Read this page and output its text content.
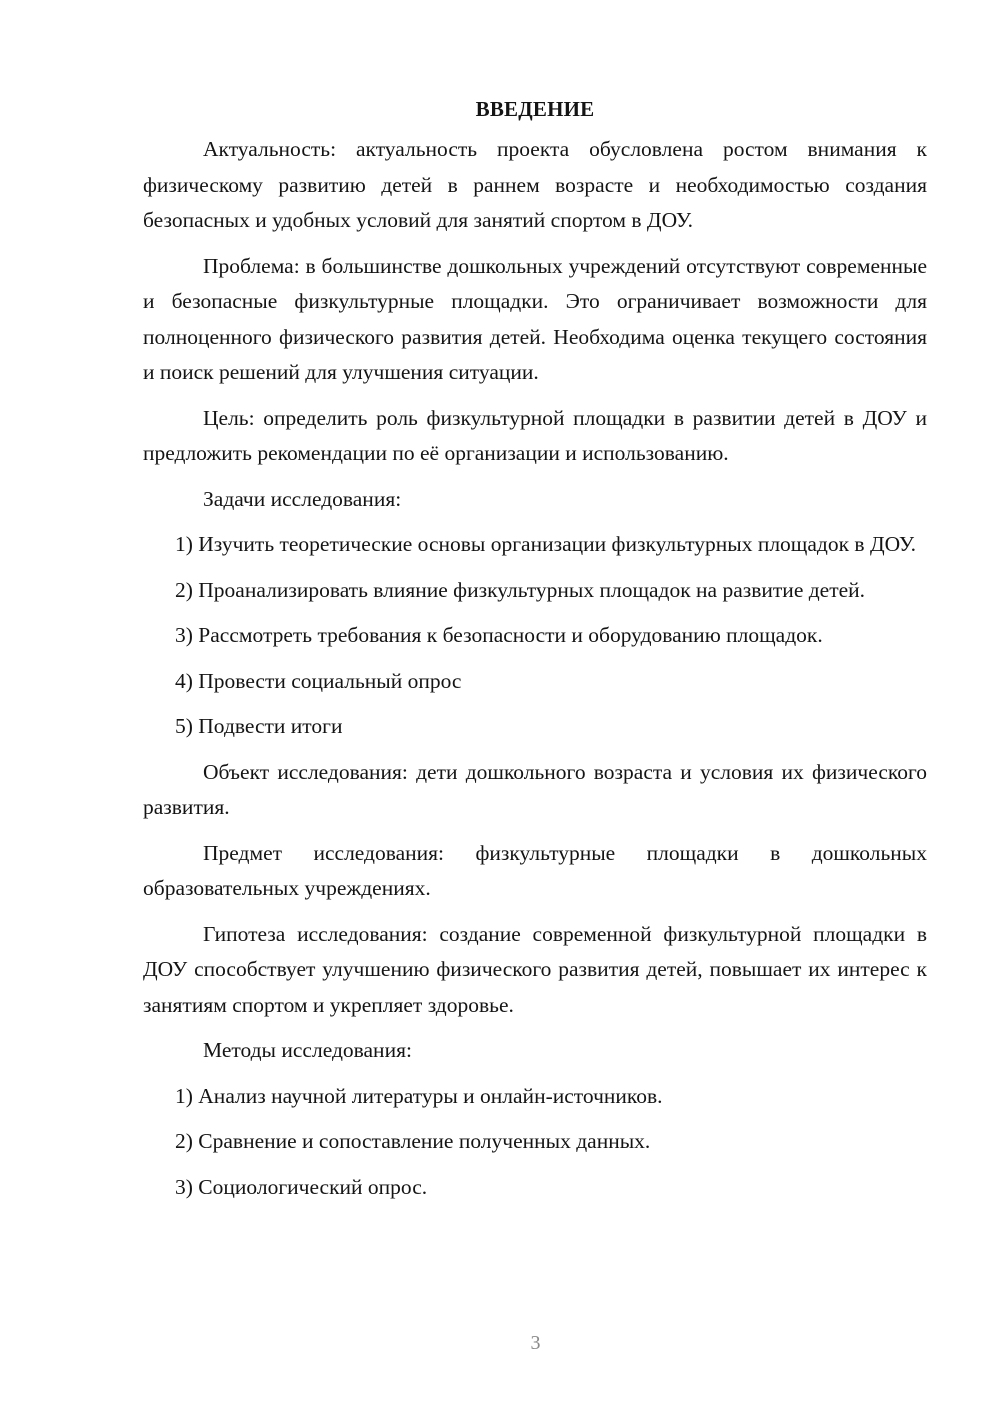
ВВЕДЕНИЕ

Актуальность: актуальность проекта обусловлена ростом внимания к физическому развитию детей в раннем возрасте и необходимостью создания безопасных и удобных условий для занятий спортом в ДОУ.

Проблема: в большинстве дошкольных учреждений отсутствуют современные и безопасные физкультурные площадки. Это ограничивает возможности для полноценного физического развития детей. Необходима оценка текущего состояния и поиск решений для улучшения ситуации.

Цель: определить роль физкультурной площадки в развитии детей в ДОУ и предложить рекомендации по её организации и использованию.

Задачи исследования:

1) Изучить теоретические основы организации физкультурных площадок в ДОУ.

2) Проанализировать влияние физкультурных площадок на развитие детей.

3) Рассмотреть требования к безопасности и оборудованию площадок.

4) Провести социальный опрос

5) Подвести итоги

Объект исследования: дети дошкольного возраста и условия их физического развития.

Предмет исследования: физкультурные площадки в дошкольных образовательных учреждениях.

Гипотеза исследования: создание современной физкультурной площадки в ДОУ способствует улучшению физического развития детей, повышает их интерес к занятиям спортом и укрепляет здоровье.

Методы исследования:

1) Анализ научной литературы и онлайн-источников.

2) Сравнение и сопоставление полученных данных.

3) Социологический опрос.

3
